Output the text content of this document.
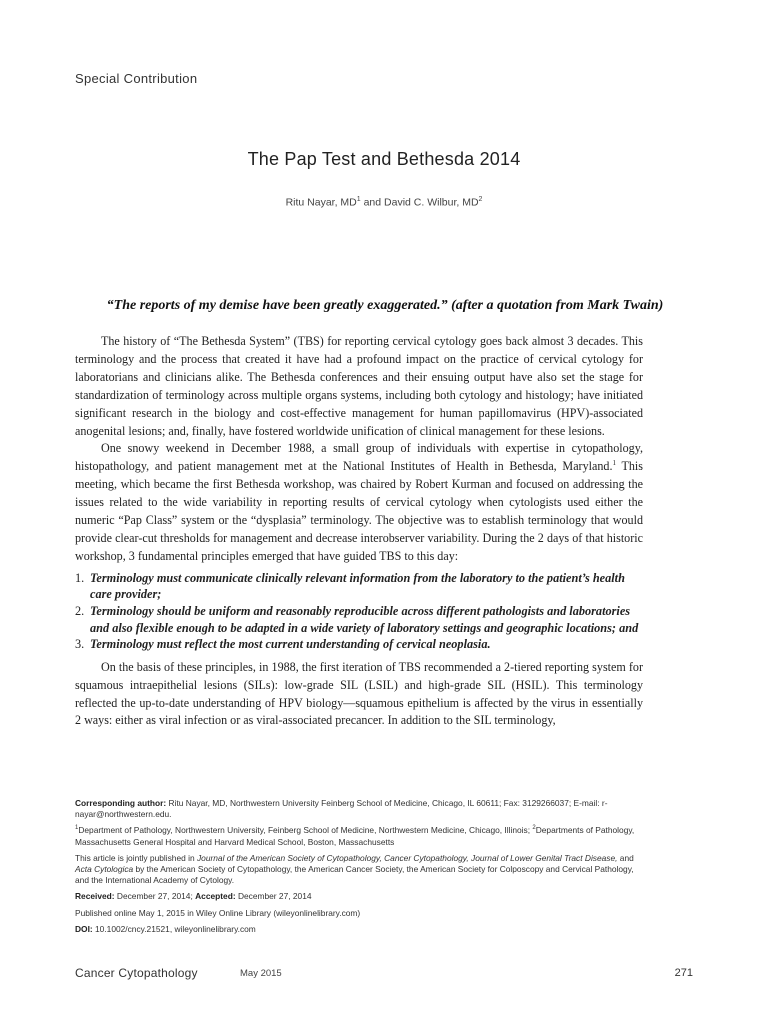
Special Contribution
The Pap Test and Bethesda 2014
Ritu Nayar, $MD^1$ and David C. Wilbur, $MD^2$
“The reports of my demise have been greatly exaggerated.” (after a quotation from Mark Twain)

The history of “The Bethesda System” (TBS) for reporting cervical cytology goes back almost 3 decades. This terminology and the process that created it have had a profound impact on the practice of cervical cytology for laboratorians and clinicians alike. The Bethesda conferences and their ensuing output have also set the stage for standardization of terminology across multiple organs systems, including both cytology and histology; have initiated significant research in the biology and cost-effective management for human papillomavirus (HPV)-associated anogenital lesions; and, finally, have fostered worldwide unification of clinical management for these lesions.

One snowy weekend in December 1988, a small group of individuals with expertise in cytopathology, histopathology, and patient management met at the National Institutes of Health in Bethesda, Maryland.$^1$ This meeting, which became the first Bethesda workshop, was chaired by Robert Kurman and focused on addressing the issues related to the wide variability in reporting results of cervical cytology when cytologists used either the numeric “Pap Class” system or the “dysplasia” terminology. The objective was to establish terminology that would provide clear-cut thresholds for management and decrease interobserver variability. During the 2 days of that historic workshop, 3 fundamental principles emerged that have guided TBS to this day:

1. Terminology must communicate clinically relevant information from the laboratory to the patient’s health care provider;
2. Terminology should be uniform and reasonably reproducible across different pathologists and laboratories and also flexible enough to be adapted in a wide variety of laboratory settings and geographic locations; and
3. Terminology must reflect the most current understanding of cervical neoplasia.

On the basis of these principles, in 1988, the first iteration of TBS recommended a 2-tiered reporting system for squamous intraepithelial lesions (SILs): low-grade SIL (LSIL) and high-grade SIL (HSIL). This terminology reflected the up-to-date understanding of HPV biology—squamous epithelium is affected by the virus in essentially 2 ways: either as viral infection or as viral-associated precancer. In addition to the SIL terminology,

Corresponding author: Ritu Nayar, MD, Northwestern University Feinberg School of Medicine, Chicago, IL 60611; Fax: 3129266037; E-mail: r-nayar@northwestern.edu.

$^1$Department of Pathology, Northwestern University, Feinberg School of Medicine, Northwestern Medicine, Chicago, Illinois; $^2$Departments of Pathology, Massachusetts General Hospital and Harvard Medical School, Boston, Massachusetts

This article is jointly published in Journal of the American Society of Cytopathology, Cancer Cytopathology, Journal of Lower Genital Tract Disease, and Acta Cytologica by the American Society of Cytopathology, the American Cancer Society, the American Society for Colposcopy and Cervical Pathology, and the International Academy of Cytology.

Received: December 27, 2014; Accepted: December 27, 2014

Published online May 1, 2015 in Wiley Online Library (wileyonlinelibrary.com)

DOI: 10.1002/cncy.21521, wileyonlinelibrary.com

Cancer Cytopathology	May 2015	271
